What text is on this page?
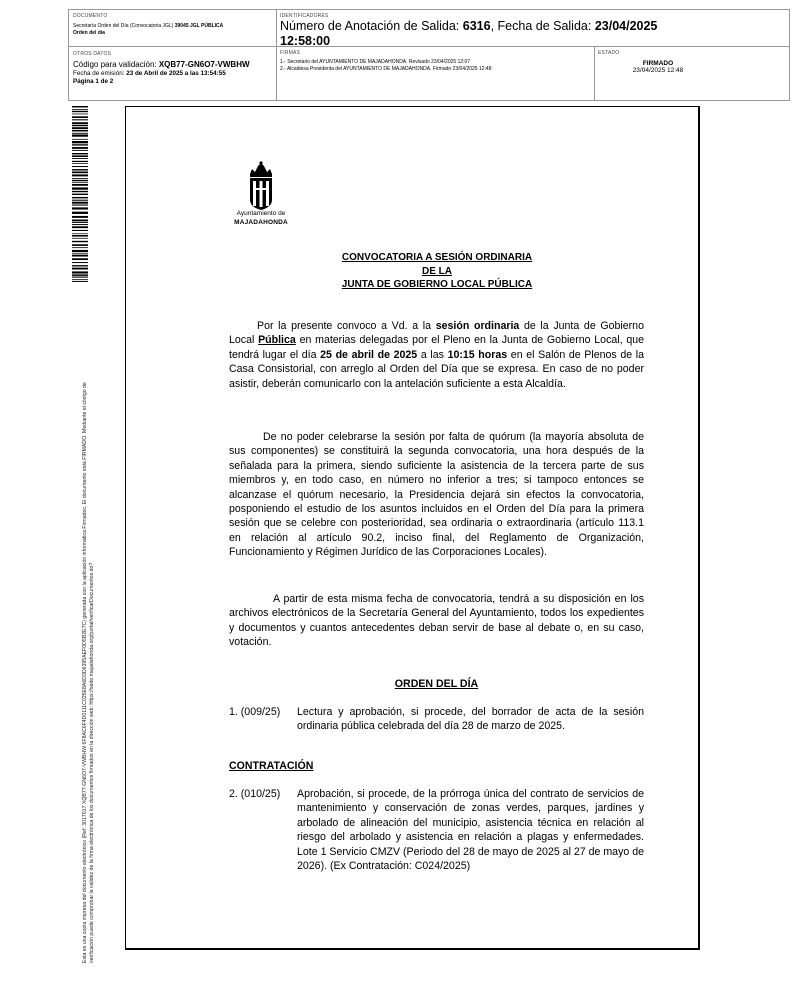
DOCUMENTO
Secretaría Orden del Día (Convocatoria JGL) 39045 JGL PÚBLICA
Orden del día
IDENTIFICADORES
Número de Anotación de Salida: 6316, Fecha de Salida: 23/04/2025
12:58:00
OTROS DATOS
Código para validación: XQB77-GN6O7-VWBHW
Fecha de emisión: 23 de Abril de 2025 a las 13:54:55
Página 1 de 2
FIRMAS
1.- Secretario del AYUNTAMIENTO DE MAJADAHONDA. Revisado 23/04/2025 12:07
2.- Alcaldesa Presidenta del AYUNTAMIENTO DE MAJADAHONDA. Firmado 23/04/2025 12:48
ESTADO
FIRMADO
23/04/2025 12:48
Esta es una copia impresa del documento electrónico (Ref: 3017017 XQB77-GN6O7-VWBHW 6F8AC6F4D0111C025E8A6D3D6395AEF0D5B2E7C) generada con la aplicación informática Firmadoc. El documento está FIRMADO. Mediante el código de verificación puede comprobar la validez de la firma electrónica de los documentos firmados en la dirección web: https://sede.majadahonda.org/portal/verificarDocumentos.do?
Ayuntamiento de
MAJADAHONDA
CONVOCATORIA A SESIÓN ORDINARIA
DE LA
JUNTA DE GOBIERNO LOCAL PÚBLICA
Por la presente convoco a Vd. a la sesión ordinaria de la Junta de Gobierno Local Pública en materias delegadas por el Pleno en la Junta de Gobierno Local, que tendrá lugar el día 25 de abril de 2025 a las 10:15 horas en el Salón de Plenos de la Casa Consistorial, con arreglo al Orden del Día que se expresa. En caso de no poder asistir, deberán comunicarlo con la antelación suficiente a esta Alcaldía.
De no poder celebrarse la sesión por falta de quórum (la mayoría absoluta de sus componentes) se constituirá la segunda convocatoria, una hora después de la señalada para la primera, siendo suficiente la asistencia de la tercera parte de sus miembros y, en todo caso, en número no inferior a tres; si tampoco entonces se alcanzase el quórum necesario, la Presidencia dejará sin efectos la convocatoria, posponiendo el estudio de los asuntos incluidos en el Orden del Día para la primera sesión que se celebre con posterioridad, sea ordinaria o extraordinaria (artículo 113.1 en relación al artículo 90.2, inciso final, del Reglamento de Organización, Funcionamiento y Régimen Jurídico de las Corporaciones Locales).
A partir de esta misma fecha de convocatoria, tendrá a su disposición en los archivos electrónicos de la Secretaría General del Ayuntamiento, todos los expedientes y documentos y cuantos antecedentes deban servir de base al debate o, en su caso, votación.
ORDEN DEL DÍA
1. (009/25) Lectura y aprobación, si procede, del borrador de acta de la sesión ordinaria pública celebrada del día 28 de marzo de 2025.
CONTRATACIÓN
2. (010/25) Aprobación, si procede, de la prórroga única del contrato de servicios de mantenimiento y conservación de zonas verdes, parques, jardines y arbolado de alineación del municipio, asistencia técnica en relación al riesgo del arbolado y asistencia en relación a plagas y enfermedades. Lote 1 Servicio CMZV (Periodo del 28 de mayo de 2025 al 27 de mayo de 2026). (Ex Contratación: C024/2025)
